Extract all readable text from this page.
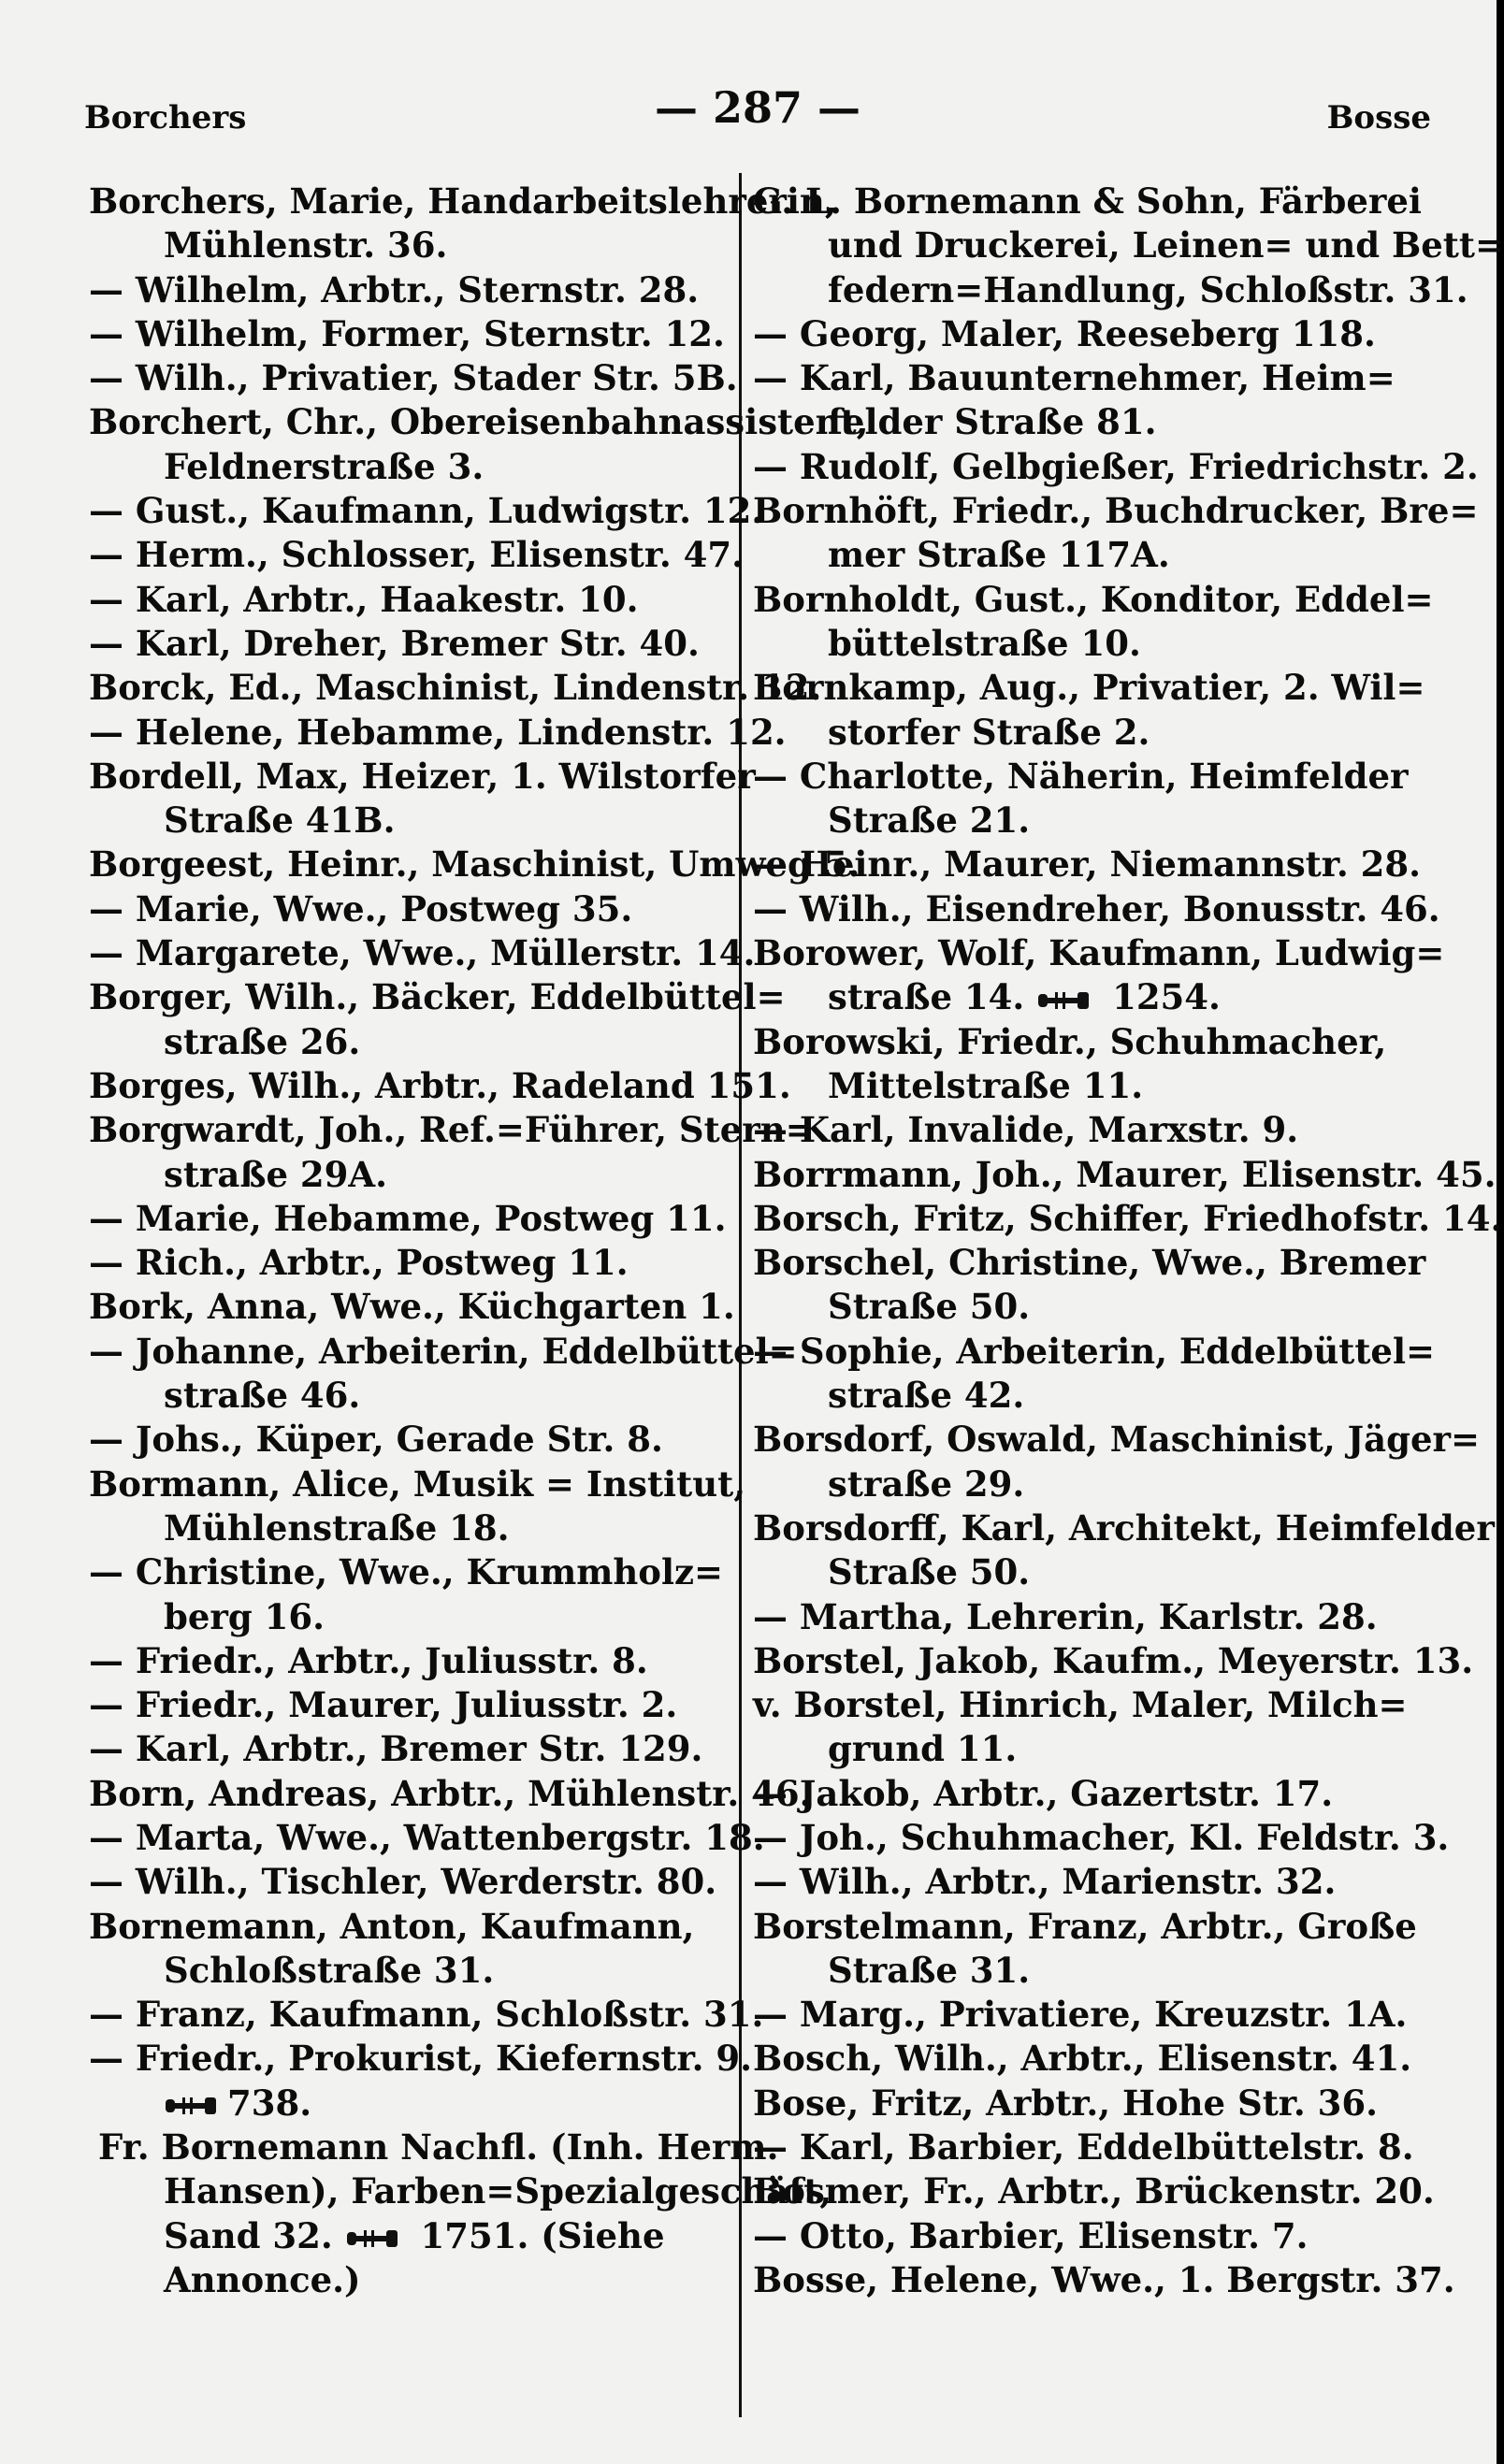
Borchers	— 287 —	Bosse
Borchers, Marie, Handarbeitslehrerin,
Mühlenstr. 36.
— Wilhelm, Arbtr., Sternstr. 28.
— Wilhelm, Former, Sternstr. 12.
— Wilh., Privatier, Stader Str. 5B.
Borchert, Chr., Obereisenbahnassistent,
Feldnerstraße 3.
— Gust., Kaufmann, Ludwigstr. 12.
— Herm., Schlosser, Elisenstr. 47.
— Karl, Arbtr., Haakestr. 10.
— Karl, Dreher, Bremer Str. 40.
Borck, Ed., Maschinist, Lindenstr. 12.
— Helene, Hebamme, Lindenstr. 12.
Bordell, Max, Heizer, 1. Wilstorfer
Straße 41B.
Borgeest, Heinr., Maschinist, Umweg 5.
— Marie, Wwe., Postweg 35.
— Margarete, Wwe., Müllerstr. 14.
Borger, Wilh., Bäcker, Eddelbüttel=
straße 26.
Borges, Wilh., Arbtr., Radeland 151.
Borgwardt, Joh., Ref.=Führer, Stern=
straße 29A.
— Marie, Hebamme, Postweg 11.
— Rich., Arbtr., Postweg 11.
Bork, Anna, Wwe., Küchgarten 1.
— Johanne, Arbeiterin, Eddelbüttel=
straße 46.
— Johs., Küper, Gerade Str. 8.
Bormann, Alice, Musik = Institut,
Mühlenstraße 18.
— Christine, Wwe., Krummholz=
berg 16.
— Friedr., Arbtr., Juliusstr. 8.
— Friedr., Maurer, Juliusstr. 2.
— Karl, Arbtr., Bremer Str. 129.
Born, Andreas, Arbtr., Mühlenstr. 46.
— Marta, Wwe., Wattenbergstr. 18.
— Wilh., Tischler, Werderstr. 80.
Bornemann, Anton, Kaufmann,
Schloßstraße 31.
— Franz, Kaufmann, Schloßstr. 31.
— Friedr., Prokurist, Kiefernstr. 9.
738.
Fr. Bornemann Nachfl. (Inh. Herm.
Hansen), Farben=Spezialgeschäft,
Sand 32.  1751. (Siehe
Annonce.)
G. L. Bornemann & Sohn, Färberei
und Druckerei, Leinen= und Bett=
federn=Handlung, Schloßstr. 31.
— Georg, Maler, Reeseberg 118.
— Karl, Bauunternehmer, Heim=
felder Straße 81.
— Rudolf, Gelbgießer, Friedrichstr. 2.
Bornhöft, Friedr., Buchdrucker, Bre=
mer Straße 117A.
Bornholdt, Gust., Konditor, Eddel=
büttelstraße 10.
Bornkamp, Aug., Privatier, 2. Wil=
storfer Straße 2.
— Charlotte, Näherin, Heimfelder
Straße 21.
— Heinr., Maurer, Niemannstr. 28.
— Wilh., Eisendreher, Bonusstr. 46.
Borower, Wolf, Kaufmann, Ludwig=
straße 14.  1254.
Borowski, Friedr., Schuhmacher,
Mittelstraße 11.
— Karl, Invalide, Marxstr. 9.
Borrmann, Joh., Maurer, Elisenstr. 45.
Borsch, Fritz, Schiffer, Friedhofstr. 14.
Borschel, Christine, Wwe., Bremer
Straße 50.
— Sophie, Arbeiterin, Eddelbüttel=
straße 42.
Borsdorf, Oswald, Maschinist, Jäger=
straße 29.
Borsdorff, Karl, Architekt, Heimfelder
Straße 50.
— Martha, Lehrerin, Karlstr. 28.
Borstel, Jakob, Kaufm., Meyerstr. 13.
v. Borstel, Hinrich, Maler, Milch=
grund 11.
— Jakob, Arbtr., Gazertstr. 17.
— Joh., Schuhmacher, Kl. Feldstr. 3.
— Wilh., Arbtr., Marienstr. 32.
Borstelmann, Franz, Arbtr., Große
Straße 31.
— Marg., Privatiere, Kreuzstr. 1A.
Bosch, Wilh., Arbtr., Elisenstr. 41.
Bose, Fritz, Arbtr., Hohe Str. 36.
— Karl, Barbier, Eddelbüttelstr. 8.
Bosmer, Fr., Arbtr., Brückenstr. 20.
— Otto, Barbier, Elisenstr. 7.
Bosse, Helene, Wwe., 1. Bergstr. 37.
